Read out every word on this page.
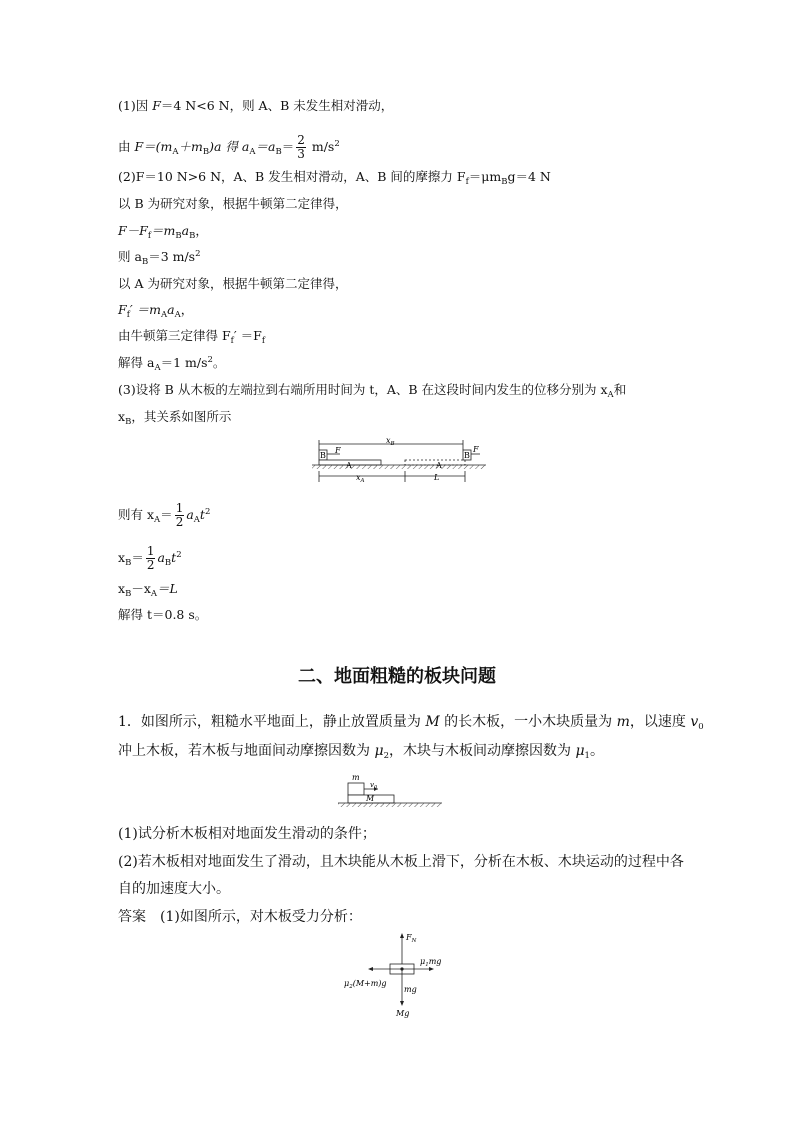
(1)因 F＝4 N<6 N，则 A、B 未发生相对滑动，
由 $F=(m_A+m_B)a$ 得 $a_A=a_B= \frac{2}{3} m/s^2$
(2)F＝10 N>6 N，A、B 发生相对滑动，A、B 间的摩擦力 $F_f=\mu m_Bg=4$ N
以 B 为研究对象，根据牛顿第二定律得，
$F-F_f=m_Ba_B$，
则 $a_B=3$ $m/s^2$
以 A 为研究对象，根据牛顿第二定律得，
$F_f' =m_Aa_A$，
由牛顿第三定律得 $F_f' =F_f$
解得 $a_A=1$ $m/s^2$。
(3)设将 B 从木板的左端拉到右端所用时间为 t，A、B 在这段时间内发生的位移分别为 $x_A$和
$x_B$，其关系如图所示
$x_B$
B
F
B
F
$x_A$	L
则有 $x_A= \frac{1}{2} a_At^2$
$x_B= \frac{1}{2} a_Bt^2$
$x_B-x_A=L$
解得 t＝0.8 s。
二、地面粗糙的板块问题
1．如图所示，粗糙水平地面上，静止放置质量为 M 的长木板，一小木块质量为 m，以速度 $v_0$
冲上木板，若木板与地面间动摩擦因数为 $\mu_2$，木块与木板间动摩擦因数为 $\mu_1$。
m
$v_0$
M
(1)试分析木板相对地面发生滑动的条件；
(2)若木板相对地面发生了滑动，且木块能从木板上滑下，分析在木板、木块运动的过程中各
自的加速度大小。
答案　(1)如图所示，对木板受力分析：
$F_N$
$\mu_1mg$
$\mu_2(M+m)g$
mg
Mg
